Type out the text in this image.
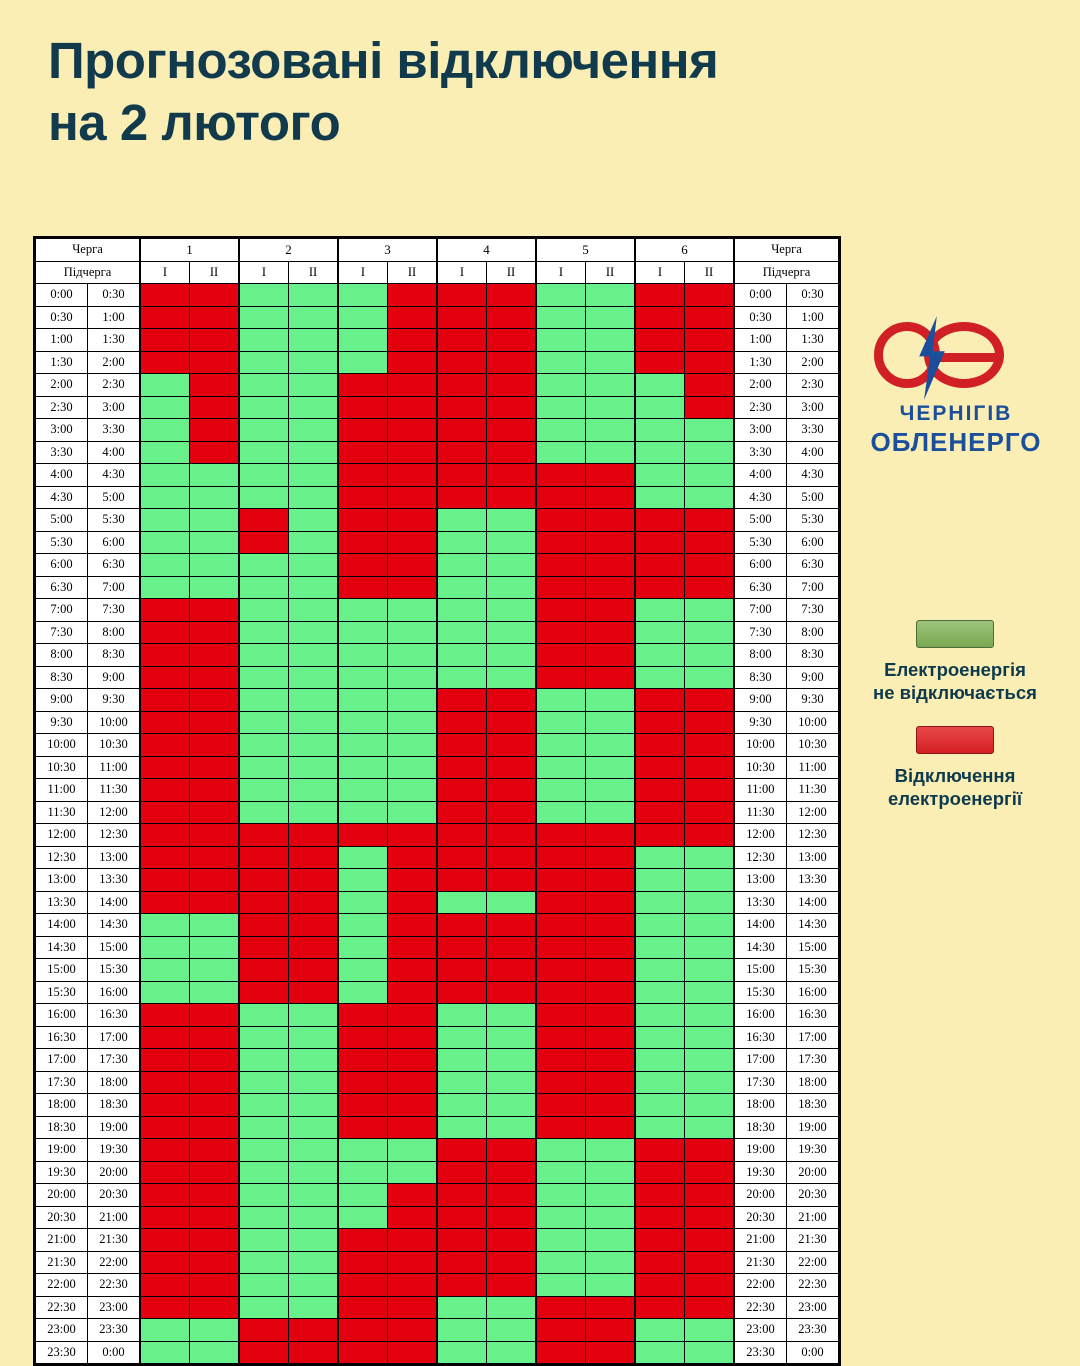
Прогнозовані відключення
на 2 лютого
Черга		1		2		3		4		5		6		Черга	
Підчерга		I	II	I	II	I	II	I	II	I	II	I	II	Підчерга	
0:00	0:30													0:00	0:30
0:30	1:00													0:30	1:00
1:00	1:30													1:00	1:30
1:30	2:00													1:30	2:00
2:00	2:30													2:00	2:30
2:30	3:00													2:30	3:00
3:00	3:30													3:00	3:30
3:30	4:00													3:30	4:00
4:00	4:30													4:00	4:30
4:30	5:00													4:30	5:00
5:00	5:30													5:00	5:30
5:30	6:00													5:30	6:00
6:00	6:30													6:00	6:30
6:30	7:00													6:30	7:00
7:00	7:30													7:00	7:30
7:30	8:00													7:30	8:00
8:00	8:30													8:00	8:30
8:30	9:00													8:30	9:00
9:00	9:30													9:00	9:30
9:30	10:00													9:30	10:00
10:00	10:30													10:00	10:30
10:30	11:00													10:30	11:00
11:00	11:30													11:00	11:30
11:30	12:00													11:30	12:00
12:00	12:30													12:00	12:30
12:30	13:00													12:30	13:00
13:00	13:30													13:00	13:30
13:30	14:00													13:30	14:00
14:00	14:30													14:00	14:30
14:30	15:00													14:30	15:00
15:00	15:30													15:00	15:30
15:30	16:00													15:30	16:00
16:00	16:30													16:00	16:30
16:30	17:00													16:30	17:00
17:00	17:30													17:00	17:30
17:30	18:00													17:30	18:00
18:00	18:30													18:00	18:30
18:30	19:00													18:30	19:00
19:00	19:30													19:00	19:30
19:30	20:00													19:30	20:00
20:00	20:30													20:00	20:30
20:30	21:00													20:30	21:00
21:00	21:30													21:00	21:30
21:30	22:00													21:30	22:00
22:00	22:30													22:00	22:30
22:30	23:00													22:30	23:00
23:00	23:30													23:00	23:30
23:30	0:00													23:30	0:00
ЧЕРНІГІВ
ОБЛЕНЕРГО
Електроенергія
не відключається
Відключення
електроенергії
